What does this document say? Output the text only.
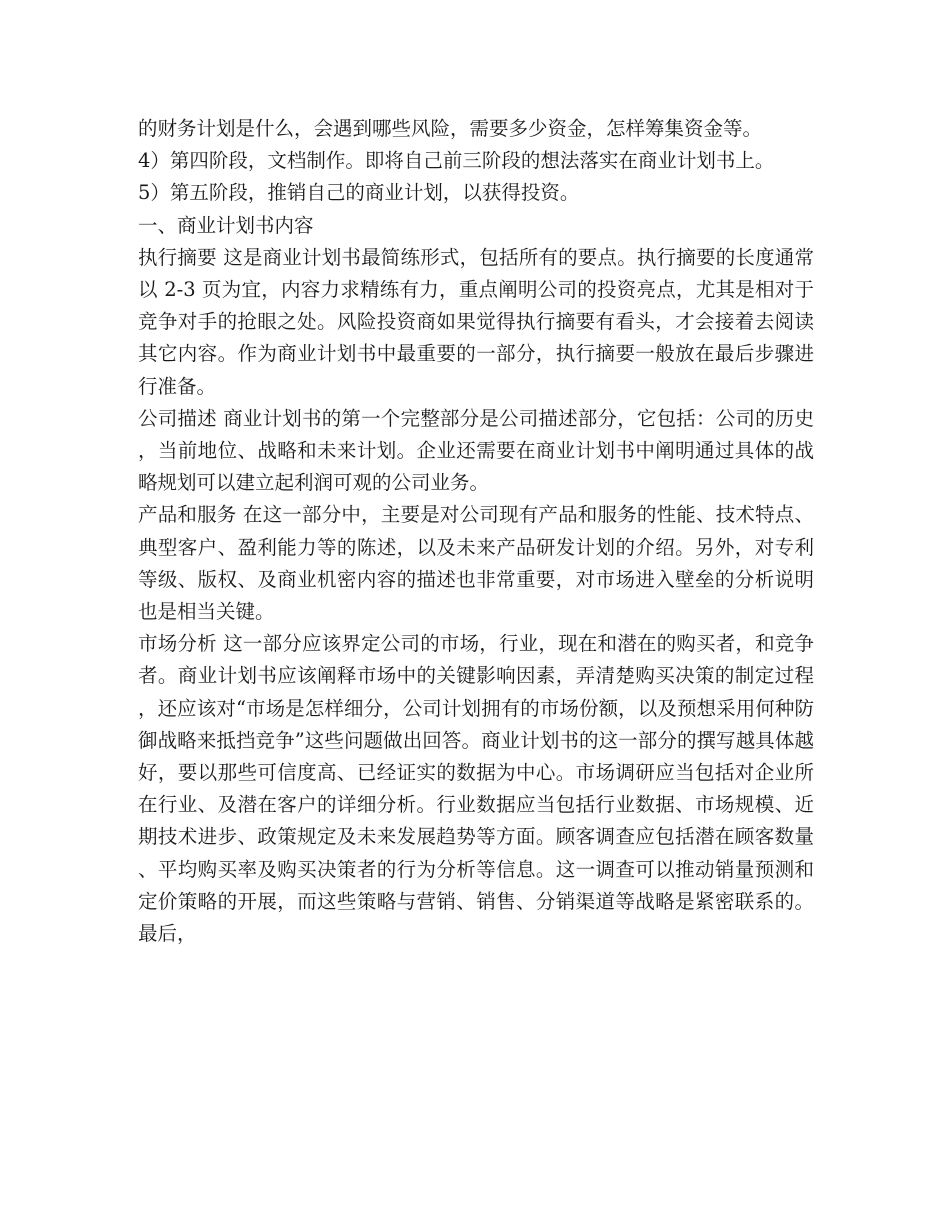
的财务计划是什么，会遇到哪些风险，需要多少资金，怎样筹集资金等。

4）第四阶段，文档制作。即将自己前三阶段的想法落实在商业计划书上。

5）第五阶段，推销自己的商业计划，以获得投资。

一、商业计划书内容

执行摘要 这是商业计划书最简练形式，包括所有的要点。执行摘要的长度通常以 2-3 页为宜，内容力求精练有力，重点阐明公司的投资亮点，尤其是相对于竞争对手的抢眼之处。风险投资商如果觉得执行摘要有看头，才会接着去阅读其它内容。作为商业计划书中最重要的一部分，执行摘要一般放在最后步骤进行准备。

公司描述 商业计划书的第一个完整部分是公司描述部分，它包括：公司的历史，当前地位、战略和未来计划。企业还需要在商业计划书中阐明通过具体的战略规划可以建立起利润可观的公司业务。

产品和服务 在这一部分中，主要是对公司现有产品和服务的性能、技术特点、典型客户、盈利能力等的陈述，以及未来产品研发计划的介绍。另外，对专利等级、版权、及商业机密内容的描述也非常重要，对市场进入壁垒的分析说明也是相当关键。

市场分析 这一部分应该界定公司的市场，行业，现在和潜在的购买者，和竞争者。商业计划书应该阐释市场中的关键影响因素，弄清楚购买决策的制定过程，还应该对“市场是怎样细分，公司计划拥有的市场份额，以及预想采用何种防御战略来抵挡竞争”这些问题做出回答。商业计划书的这一部分的撰写越具体越好，要以那些可信度高、已经证实的数据为中心。市场调研应当包括对企业所在行业、及潜在客户的详细分析。行业数据应当包括行业数据、市场规模、近期技术进步、政策规定及未来发展趋势等方面。顾客调查应包括潜在顾客数量、平均购买率及购买决策者的行为分析等信息。这一调查可以推动销量预测和定价策略的开展，而这些策略与营销、销售、分销渠道等战略是紧密联系的。最后，
